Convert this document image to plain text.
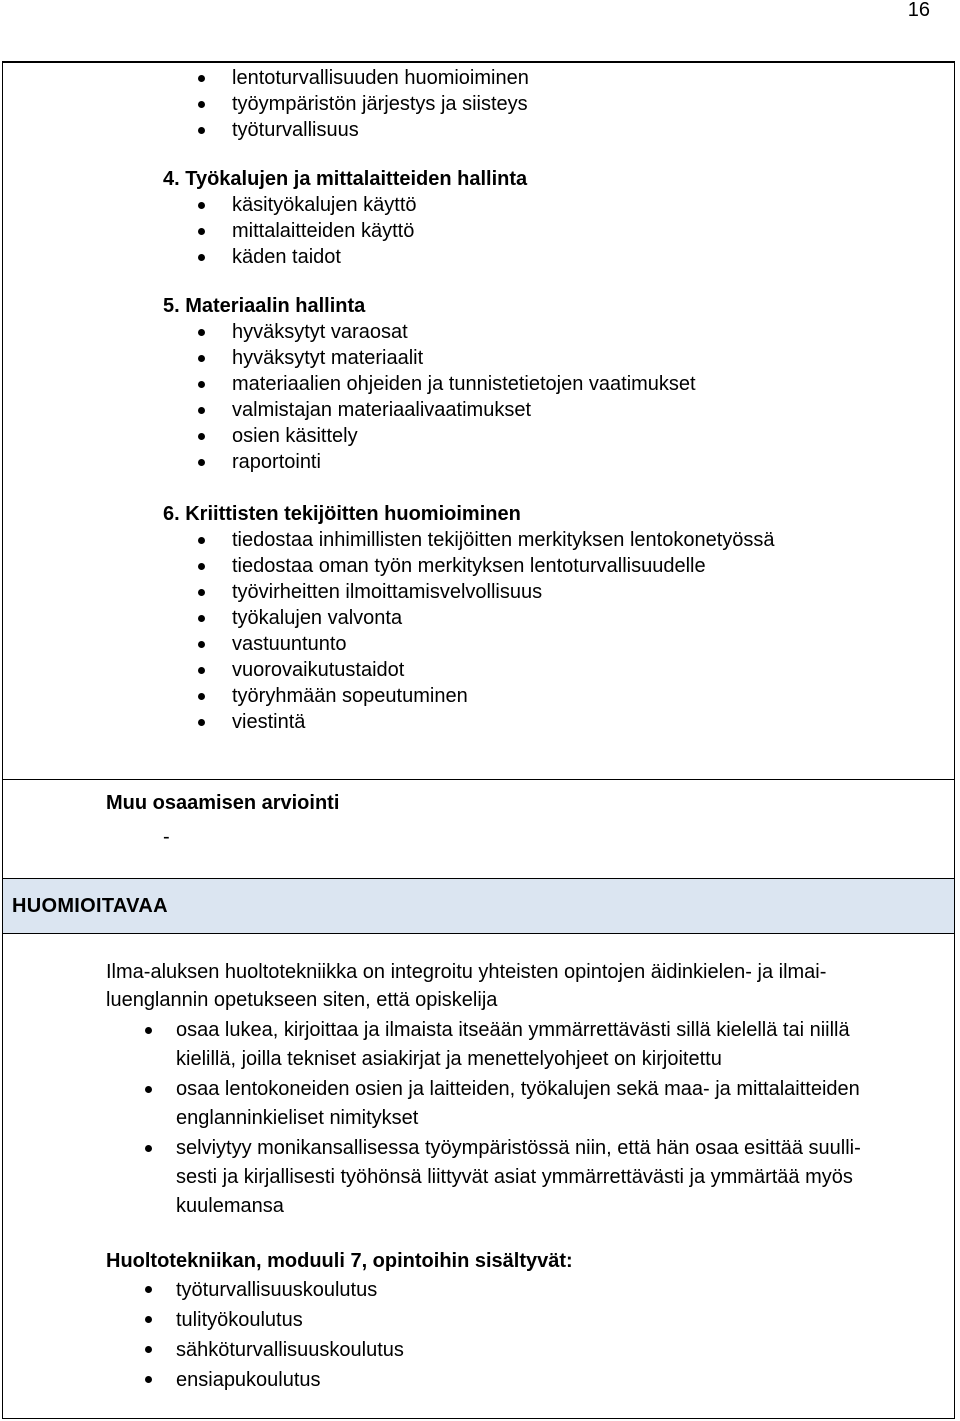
16
lentoturvallisuuden huomioiminen
työympäristön järjestys ja siisteys
työturvallisuus

4. Työkalujen ja mittalaitteiden hallinta

käsityökalujen käyttö
mittalaitteiden käyttö
käden taidot

5. Materiaalin hallinta

hyväksytyt varaosat
hyväksytyt materiaalit
materiaalien ohjeiden ja tunnistetietojen vaatimukset
valmistajan materiaalivaatimukset
osien käsittely
raportointi

6. Kriittisten tekijöitten huomioiminen

tiedostaa inhimillisten tekijöitten merkityksen lentokonetyössä
tiedostaa oman työn merkityksen lentoturvallisuudelle
työvirheitten ilmoittamisvelvollisuus
työkalujen valvonta
vastuuntunto
vuorovaikutustaidot
työryhmään sopeutuminen
viestintä
Muu osaamisen arviointi
-
HUOMIOITAVAA

Ilma-aluksen huoltotekniikka on integroitu yhteisten opintojen äidinkielen- ja ilmai-

luenglannin opetukseen siten, että opiskelija

osaa lukea, kirjoittaa ja ilmaista itseään ymmärrettävästi sillä kielellä tai niillä
kielillä, joilla tekniset asiakirjat ja menettelyohjeet on kirjoitettu
osaa lentokoneiden osien ja laitteiden, työkalujen sekä maa- ja mittalaitteiden
englanninkieliset nimitykset
selviytyy monikansallisessa työympäristössä niin, että hän osaa esittää suulli-
sesti ja kirjallisesti työhönsä liittyvät asiat ymmärrettävästi ja ymmärtää myös
kuulemansa

Huoltotekniikan, moduuli 7, opintoihin sisältyvät:

työturvallisuuskoulutus
tulityökoulutus
sähköturvallisuuskoulutus
ensiapukoulutus
